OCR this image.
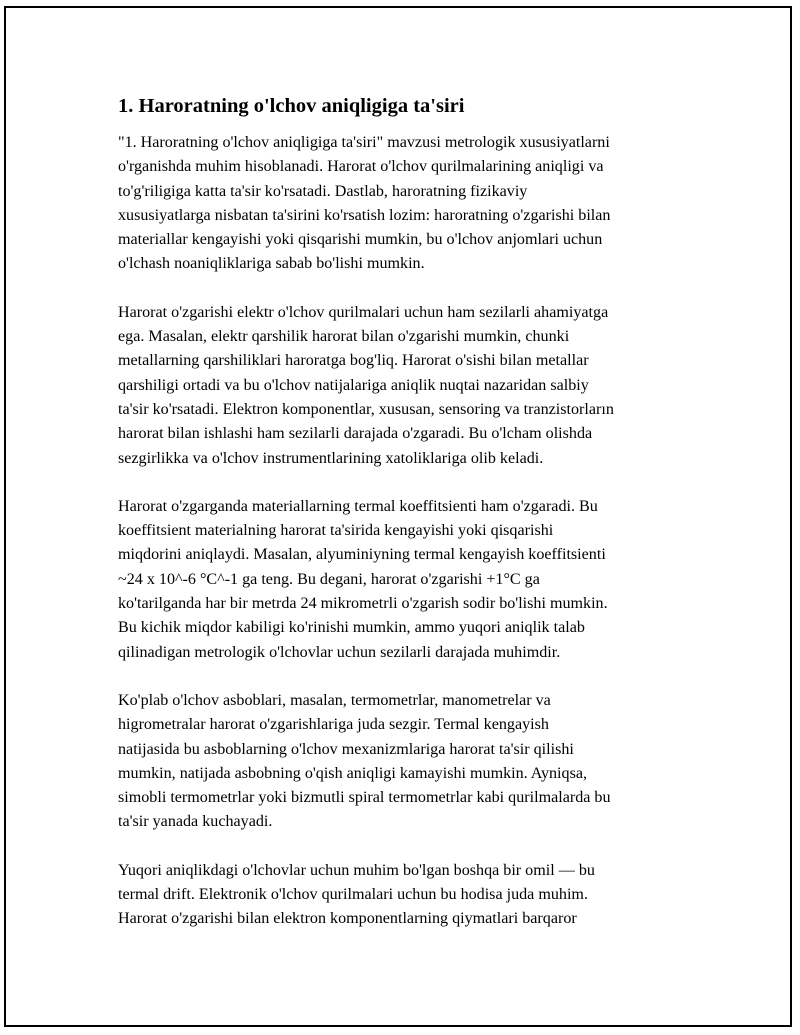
1. Haroratning o'lchov aniqligiga ta'siri

"1. Haroratning o'lchov aniqligiga ta'siri" mavzusi metrologik xususiyatlarni
o'rganishda muhim hisoblanadi. Harorat o'lchov qurilmalarining aniqligi va
to'g'riligiga katta ta'sir ko'rsatadi. Dastlab, haroratning fizikaviy
xususiyatlarga nisbatan ta'sirini ko'rsatish lozim: haroratning o'zgarishi bilan
materiallar kengayishi yoki qisqarishi mumkin, bu o'lchov anjomlari uchun
o'lchash noaniqliklariga sabab bo'lishi mumkin.

Harorat o'zgarishi elektr o'lchov qurilmalari uchun ham sezilarli ahamiyatga
ega. Masalan, elektr qarshilik harorat bilan o'zgarishi mumkin, chunki
metallarning qarshiliklari haroratga bog'liq. Harorat o'sishi bilan metallar
qarshiligi ortadi va bu o'lchov natijalariga aniqlik nuqtai nazaridan salbiy
ta'sir ko'rsatadi. Elektron komponentlar, xususan, sensoring va tranzistorların
harorat bilan ishlashi ham sezilarli darajada o'zgaradi. Bu o'lcham olishda
sezgirlikka va o'lchov instrumentlarining xatoliklariga olib keladi.

Harorat o'zgarganda materiallarning termal koeffitsienti ham o'zgaradi. Bu
koeffitsient materialning harorat ta'sirida kengayishi yoki qisqarishi
miqdorini aniqlaydi. Masalan, alyuminiyning termal kengayish koeffitsienti
~24 x 10^-6 °C^-1 ga teng. Bu degani, harorat o'zgarishi +1°C ga
ko'tarilganda har bir metrda 24 mikrometrli o'zgarish sodir bo'lishi mumkin.
Bu kichik miqdor kabiligi ko'rinishi mumkin, ammo yuqori aniqlik talab
qilinadigan metrologik o'lchovlar uchun sezilarli darajada muhimdir.

Ko'plab o'lchov asboblari, masalan, termometrlar, manometrelar va
higrometralar harorat o'zgarishlariga juda sezgir. Termal kengayish
natijasida bu asboblarning o'lchov mexanizmlariga harorat ta'sir qilishi
mumkin, natijada asbobning o'qish aniqligi kamayishi mumkin. Ayniqsa,
simobli termometrlar yoki bizmutli spiral termometrlar kabi qurilmalarda bu
ta'sir yanada kuchayadi.

Yuqori aniqlikdagi o'lchovlar uchun muhim bo'lgan boshqa bir omil — bu
termal drift. Elektronik o'lchov qurilmalari uchun bu hodisa juda muhim.
Harorat o'zgarishi bilan elektron komponentlarning qiymatlari barqaror
